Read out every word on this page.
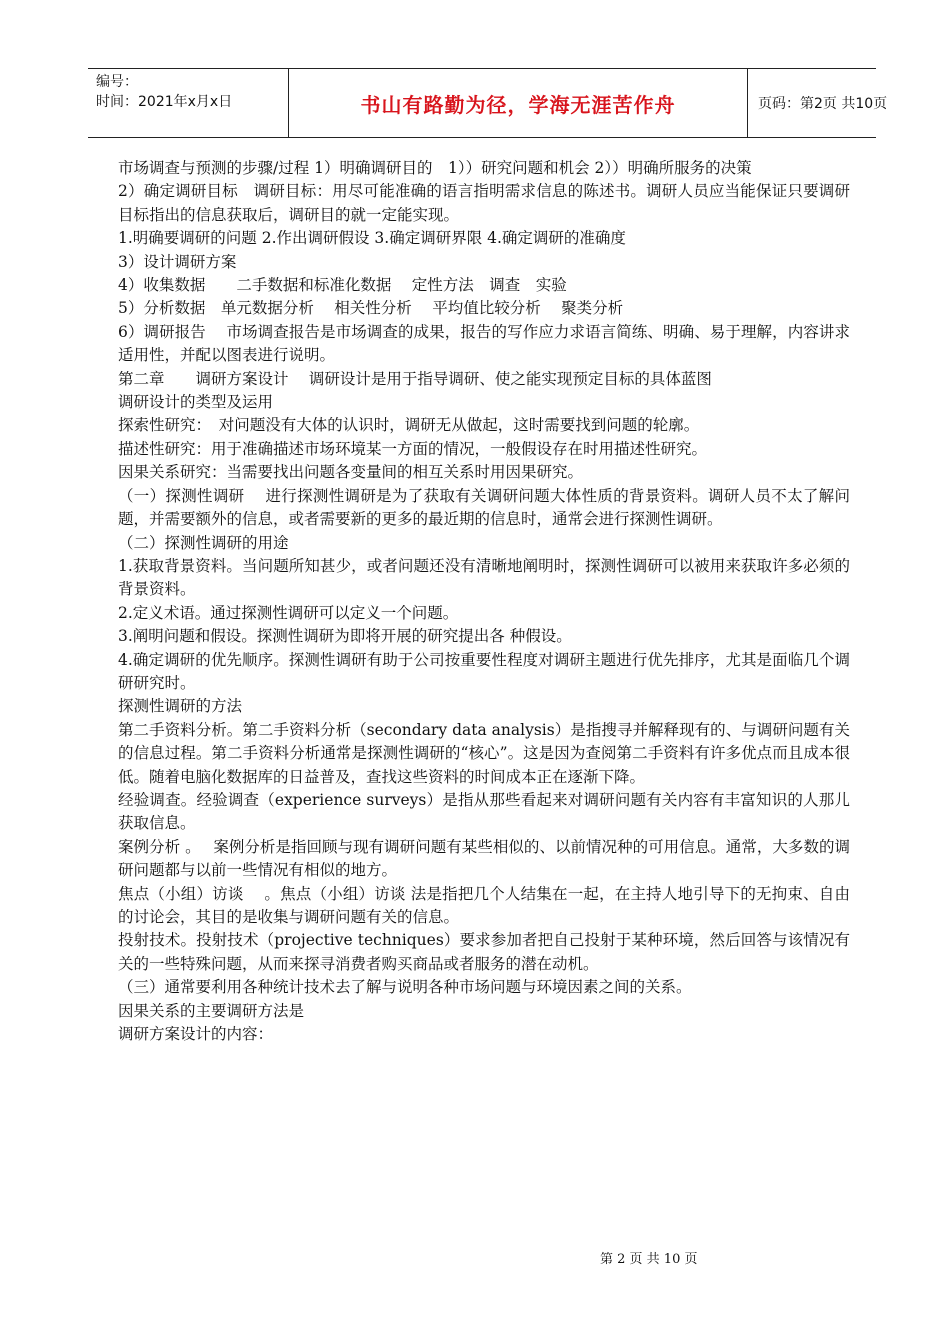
编号：
时间：2021年x月x日	书山有路勤为径，学海无涯苦作舟	页码：第2页 共10页

市场调查与预测的步骤/过程 1）明确调研目的　1））研究问题和机会 2））明确所服务的决策

2）确定调研目标　调研目标：用尽可能准确的语言指明需求信息的陈述书。调研人员应当能保证只要调研目标指出的信息获取后，调研目的就一定能实现。

1.明确要调研的问题 2.作出调研假设 3.确定调研界限 4.确定调研的准确度

3）设计调研方案

4）收集数据　　二手数据和标准化数据　 定性方法　调查　实验

5）分析数据　单元数据分析　 相关性分析　 平均值比较分析　 聚类分析

6）调研报告　 市场调查报告是市场调查的成果，报告的写作应力求语言简练、明确、易于理解，内容讲求适用性，并配以图表进行说明。

第二章　　调研方案设计　 调研设计是用于指导调研、使之能实现预定目标的具体蓝图

调研设计的类型及运用

探索性研究：　对问题没有大体的认识时，调研无从做起，这时需要找到问题的轮廓。

描述性研究：用于准确描述市场环境某一方面的情况，一般假设存在时用描述性研究。

因果关系研究：当需要找出问题各变量间的相互关系时用因果研究。

（一）探测性调研　 进行探测性调研是为了获取有关调研问题大体性质的背景资料。调研人员不太了解问题，并需要额外的信息，或者需要新的更多的最近期的信息时，通常会进行探测性调研。

（二）探测性调研的用途

1.获取背景资料。当问题所知甚少，或者问题还没有清晰地阐明时，探测性调研可以被用来获取许多必须的背景资料。

2.定义术语。通过探测性调研可以定义一个问题。

3.阐明问题和假设。探测性调研为即将开展的研究提出各 种假设。

4.确定调研的优先顺序。探测性调研有助于公司按重要性程度对调研主题进行优先排序，尤其是面临几个调研研究时。

探测性调研的方法

第二手资料分析。第二手资料分析（secondary data analysis）是指搜寻并解释现有的、与调研问题有关的信息过程。第二手资料分析通常是探测性调研的“核心”。这是因为查阅第二手资料有许多优点而且成本很低。随着电脑化数据库的日益普及，查找这些资料的时间成本正在逐渐下降。

经验调查。经验调查（experience surveys）是指从那些看起来对调研问题有关内容有丰富知识的人那儿获取信息。

案例分析 。　 案例分析是指回顾与现有调研问题有某些相似的、以前情况种的可用信息。通常，大多数的调研问题都与以前一些情况有相似的地方。

焦点（小组）访谈　 。焦点（小组）访谈 法是指把几个人结集在一起，在主持人地引导下的无拘束、自由的讨论会，其目的是收集与调研问题有关的信息。

投射技术。投射技术（projective techniques）要求参加者把自己投射于某种环境，然后回答与该情况有关的一些特殊问题，从而来探寻消费者购买商品或者服务的潜在动机。

（三）通常要利用各种统计技术去了解与说明各种市场问题与环境因素之间的关系。

因果关系的主要调研方法是

调研方案设计的内容：

第 2 页 共 10 页
